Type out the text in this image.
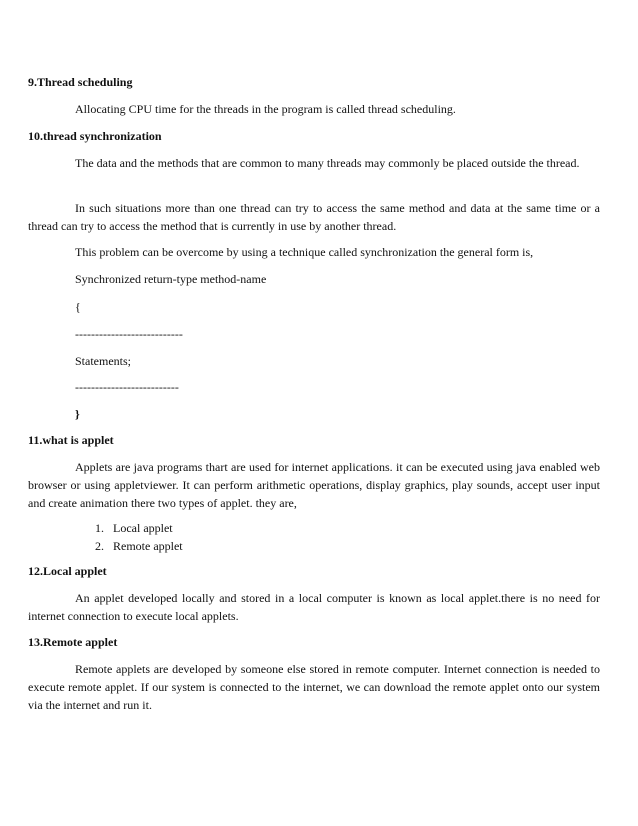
9.Thread scheduling
Allocating CPU time for the threads in the program is called thread scheduling.
10.thread synchronization
The data and the methods that are common to many threads may commonly be placed outside the thread.
In such situations more than one thread can try to access the same method and data at the same time or a thread can try to access the method that is currently in use by another thread.
This problem can be overcome by using a technique called synchronization the general form is,
Synchronized return-type method-name
{
---------------------------
Statements;
--------------------------
}
11.what is applet
Applets are java programs thart are used for internet applications. it can be executed using java enabled web browser or using appletviewer. It can perform arithmetic operations, display graphics, play sounds, accept user input and create animation there two types of applet. they are,
1. Local applet
2. Remote applet
12.Local applet
An applet developed locally and stored in a local computer is known as local applet.there is no need for internet connection to execute local applets.
13.Remote applet
Remote applets are developed by someone else stored in remote computer. Internet connection is needed to execute remote applet. If our system is connected to the internet, we can download the remote applet onto our system via the internet and run it.
